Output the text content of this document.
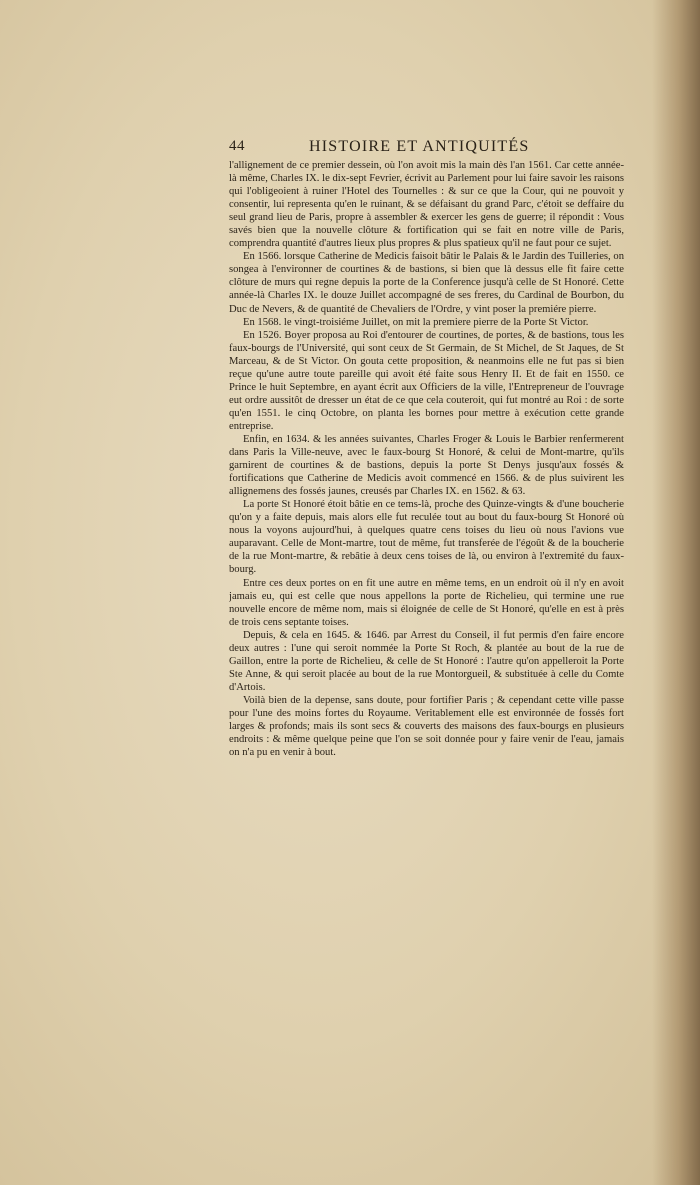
44	HISTOIRE ET ANTIQUITÉS

l'allignement de ce premier dessein, où l'on avoit mis la main dès l'an 1561. Car cette année-là même, Charles IX. le dix-sept Fevrier, écrivit au Parlement pour lui faire savoir les raisons qui l'obligeoient à ruiner l'Hotel des Tournelles : & sur ce que la Cour, qui ne pouvoit y consentir, lui representa qu'en le ruinant, & se défaisant du grand Parc, c'étoit se deffaire du seul grand lieu de Paris, propre à assembler & exercer les gens de guerre; il répondit : Vous savés bien que la nouvelle clôture & fortification qui se fait en notre ville de Paris, comprendra quantité d'autres lieux plus propres & plus spatieux qu'il ne faut pour ce sujet.

En 1566. lorsque Catherine de Medicis faisoit bâtir le Palais & le Jardin des Tuilleries, on songea à l'environner de courtines & de bastions, si bien que là dessus elle fit faire cette clôture de murs qui regne depuis la porte de la Conference jusqu'à celle de St Honoré. Cette année-là Charles IX. le douze Juillet accompagné de ses freres, du Cardinal de Bourbon, du Duc de Nevers, & de quantité de Chevaliers de l'Ordre, y vint poser la premiére pierre.

En 1568. le vingt-troisiéme Juillet, on mit la premiere pierre de la Porte St Victor.

En 1526. Boyer proposa au Roi d'entourer de courtines, de portes, & de bastions, tous les faux-bourgs de l'Université, qui sont ceux de St Germain, de St Michel, de St Jaques, de St Marceau, & de St Victor. On gouta cette proposition, & neanmoins elle ne fut pas si bien reçue qu'une autre toute pareille qui avoit été faite sous Henry II. Et de fait en 1550. ce Prince le huit Septembre, en ayant écrit aux Officiers de la ville, l'Entrepreneur de l'ouvrage eut ordre aussitôt de dresser un état de ce que cela couteroit, qui fut montré au Roi : de sorte qu'en 1551. le cinq Octobre, on planta les bornes pour mettre à exécution cette grande entreprise.

Enfin, en 1634. & les années suivantes, Charles Froger & Louis le Barbier renfermerent dans Paris la Ville-neuve, avec le faux-bourg St Honoré, & celui de Mont-martre, qu'ils garnirent de courtines & de bastions, depuis la porte St Denys jusqu'aux fossés & fortifications que Catherine de Medicis avoit commencé en 1566. & de plus suivirent les allignemens des fossés jaunes, creusés par Charles IX. en 1562. & 63.

La porte St Honoré étoit bâtie en ce tems-là, proche des Quinze-vingts & d'une boucherie qu'on y a faite depuis, mais alors elle fut reculée tout au bout du faux-bourg St Honoré où nous la voyons aujourd'hui, à quelques quatre cens toises du lieu où nous l'avions vue auparavant. Celle de Mont-martre, tout de même, fut transferée de l'égoût & de la boucherie de la rue Mont-martre, & rebâtie à deux cens toises de là, ou environ à l'extremité du faux-bourg.

Entre ces deux portes on en fit une autre en même tems, en un endroit où il n'y en avoit jamais eu, qui est celle que nous appellons la porte de Richelieu, qui termine une rue nouvelle encore de même nom, mais si éloignée de celle de St Honoré, qu'elle en est à près de trois cens septante toises.

Depuis, & cela en 1645. & 1646. par Arrest du Conseil, il fut permis d'en faire encore deux autres : l'une qui seroit nommée la Porte St Roch, & plantée au bout de la rue de Gaillon, entre la porte de Richelieu, & celle de St Honoré : l'autre qu'on appelleroit la Porte Ste Anne, & qui seroit placée au bout de la rue Montorgueil, & substituée à celle du Comte d'Artois.

Voilà bien de la depense, sans doute, pour fortifier Paris ; & cependant cette ville passe pour l'une des moins fortes du Royaume. Veritablement elle est environnée de fossés fort larges & profonds; mais ils sont secs & couverts des maisons des faux-bourgs en plusieurs endroits : & même quelque peine que l'on se soit donnée pour y faire venir de l'eau, jamais on n'a pu en venir à bout.
